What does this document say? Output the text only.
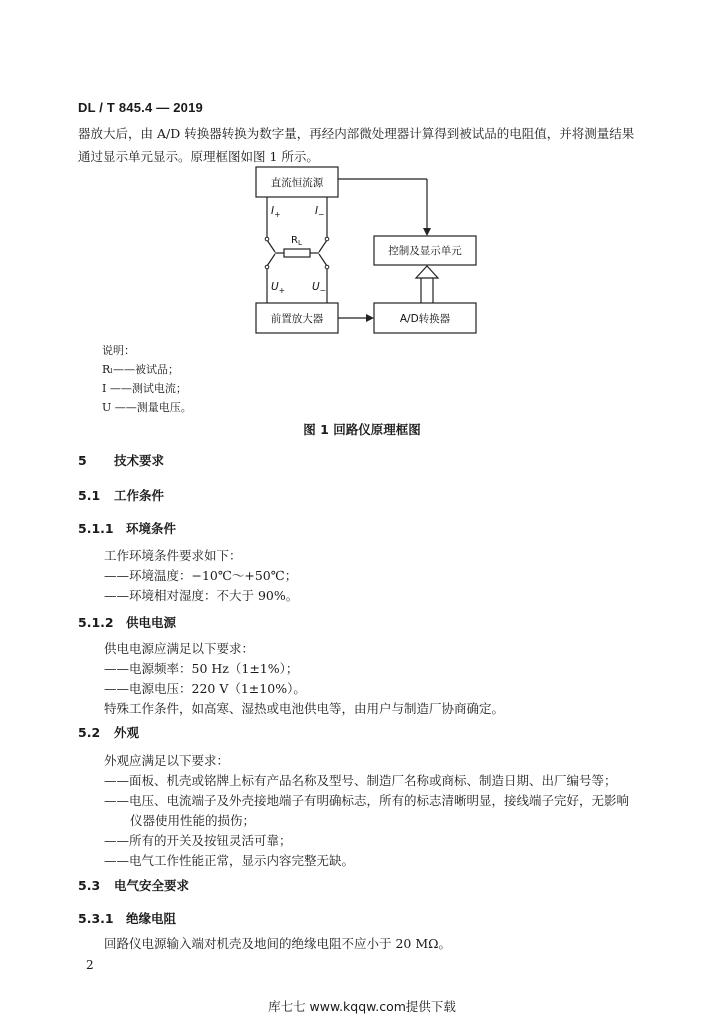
DL / T 845.4 — 2019
器放大后，由 A/D 转换器转换为数字量，再经内部微处理器计算得到被试品的电阻值，并将测量结果
通过显示单元显示。原理框图如图 1 所示。
直流恒流源
控制及显示单元
前置放大器	A/D转换器
$I_+$	$I_-$
$R_L$
$U_+$	$U_-$
说明：
Rₗ——被试品；
I ——测试电流；
U ——测量电压。
图 1 回路仪原理框图
5 技术要求
5.1 工作条件
5.1.1 环境条件
工作环境条件要求如下：
——环境温度：−10℃～+50℃；
——环境相对湿度：不大于 90%。
5.1.2 供电电源
供电电源应满足以下要求：
——电源频率：50 Hz（1±1%）；
——电源电压：220 V（1±10%）。
特殊工作条件，如高寒、湿热或电池供电等，由用户与制造厂协商确定。
5.2 外观
外观应满足以下要求：
——面板、机壳或铭牌上标有产品名称及型号、制造厂名称或商标、制造日期、出厂编号等；
——电压、电流端子及外壳接地端子有明确标志，所有的标志清晰明显，接线端子完好，无影响
仪器使用性能的损伤；
——所有的开关及按钮灵活可靠；
——电气工作性能正常，显示内容完整无缺。
5.3 电气安全要求
5.3.1 绝缘电阻
回路仪电源输入端对机壳及地间的绝缘电阻不应小于 20 MΩ。
2
库七七 www.kqqw.com提供下载
